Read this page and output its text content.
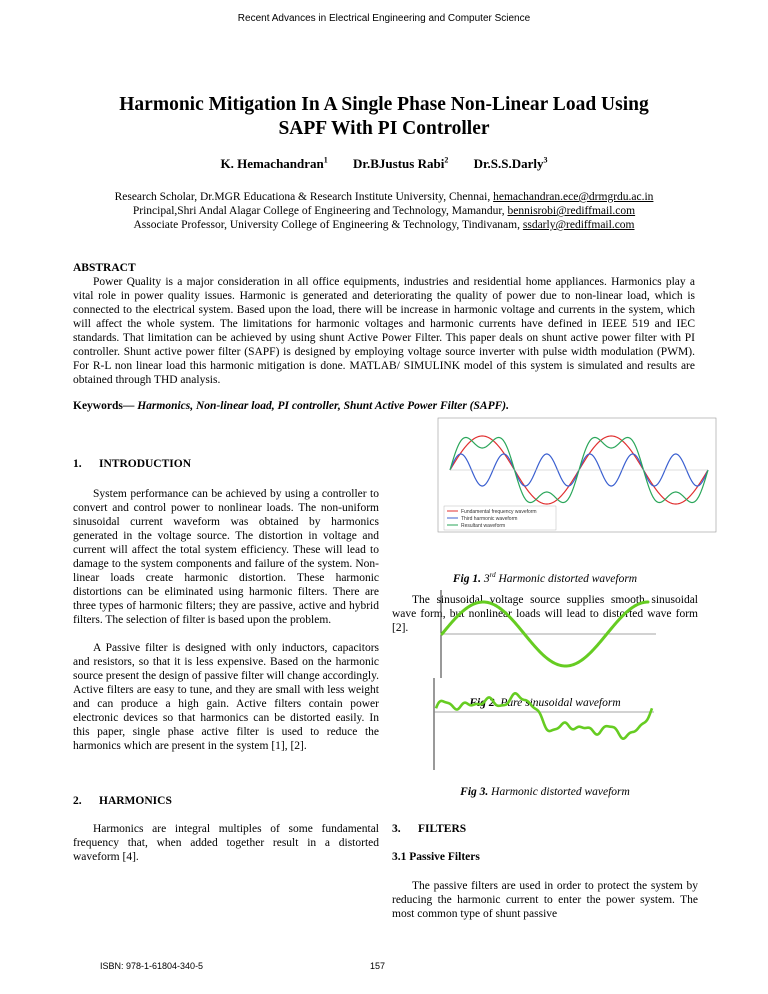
Recent Advances in Electrical Engineering and Computer Science
Harmonic Mitigation In A Single Phase Non-Linear Load Using
SAPF With PI Controller
K. Hemachandran$^1$ Dr.BJustus Rabi$^2$ Dr.S.S.Darly$^3$
Research Scholar, Dr.MGR Educationa & Research Institute University, Chennai, hemachandran.ece@drmgrdu.ac.in
Principal,Shri Andal Alagar College of Engineering and Technology, Mamandur, bennisrobi@rediffmail.com
Associate Professor, University College of Engineering & Technology, Tindivanam, ssdarly@rediffmail.com
ABSTRACT
Power Quality is a major consideration in all office equipments, industries and residential home appliances. Harmonics play a vital role in power quality issues. Harmonic is generated and deteriorating the quality of power due to non-linear load, which is connected to the electrical system. Based upon the load, there will be increase in harmonic voltage and currents in the system, which will affect the whole system. The limitations for harmonic voltages and harmonic currents have defined in IEEE 519 and IEC standards. That limitation can be achieved by using shunt Active Power Filter. This paper deals on shunt active power filter with PI controller. Shunt active power filter (SAPF) is designed by employing voltage source inverter with pulse width modulation (PWM). For R-L non linear load this harmonic mitigation is done. MATLAB/ SIMULINK model of this system is simulated and results are obtained through THD analysis.
Keywords— Harmonics, Non-linear load, PI controller, Shunt Active Power Filter (SAPF).
1. INTRODUCTION
System performance can be achieved by using a controller to convert and control power to nonlinear loads. The non-uniform sinusoidal current waveform was obtained by harmonics generated in the voltage source. The distortion in voltage and current will affect the total system efficiency. These will lead to damage to the system components and failure of the system. Non-linear loads create harmonic distortion. These harmonic distortions can be eliminated using harmonic filters. There are three types of harmonic filters; they are passive, active and hybrid filters. The selection of filter is based upon the problem.
A Passive filter is designed with only inductors, capacitors and resistors, so that it is less expensive. Based on the harmonic source present the design of passive filter will change accordingly. Active filters are easy to tune, and they are small with less weight and can produce a high gain. Active filters contain power electronic devices so that harmonics can be distorted easily. In this paper, single phase active filter is used to reduce the harmonics which are present in the system [1], [2].
2. HARMONICS
Harmonics are integral multiples of some fundamental frequency that, when added together result in a distorted waveform [4].
Fundamental frequency waveform
Third harmonic waveform
Resultant waveform
Fig 1. 3rd Harmonic distorted waveform
The sinusoidal voltage source supplies smooth sinusoidal wave form, but nonlinear loads will lead to distorted wave form [2].
Fig 2. Pure sinusoidal waveform
Fig 3. Harmonic distorted waveform
3. FILTERS
3.1 Passive Filters
The passive filters are used in order to protect the system by reducing the harmonic current to enter the power system. The most common type of shunt passive
ISBN: 978-1-61804-340-5	157
